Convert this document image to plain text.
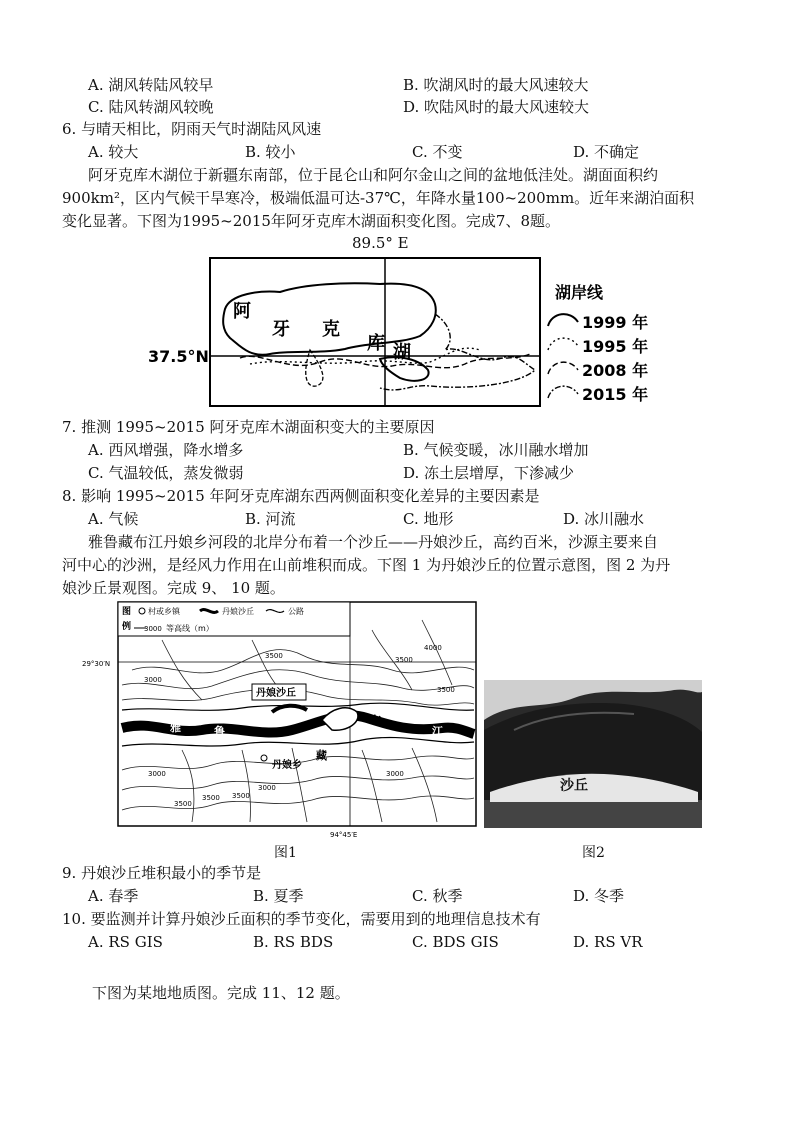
A. 湖风转陆风较早	B. 吹湖风时的最大风速较大
C. 陆风转湖风较晚	D. 吹陆风时的最大风速较大
6. 与晴天相比，阴雨天气时湖陆风风速
A. 较大	B. 较小	C. 不变	D. 不确定
阿牙克库木湖位于新疆东南部，位于昆仑山和阿尔金山之间的盆地低洼处。湖面面积约
900km²，区内气候干旱寒冷，极端低温可达-37℃，年降水量100~200mm。近年来湖泊面积
变化显著。下图为1995~2015年阿牙克库木湖面积变化图。完成7、8题。
89.5° E
阿
牙 克
库 湖
37.5°N
湖岸线
1999 年
1995 年
2008 年
2015 年
7. 推测 1995~2015 阿牙克库木湖面积变大的主要原因
A. 西风增强，降水增多	B. 气候变暖，冰川融水增加
C. 气温较低，蒸发微弱	D. 冻土层增厚，下渗减少
8. 影响 1995~2015 年阿牙克库湖东西两侧面积变化差异的主要因素是
A. 气候	B. 河流	C. 地形	D. 冰川融水
雅鲁藏布江丹娘乡河段的北岸分布着一个沙丘——丹娘沙丘，高约百米，沙源主要来自
河中心的沙洲，是经风力作用在山前堆积而成。下图 1 为丹娘沙丘的位置示意图，图 2 为丹
娘沙丘景观图。完成 9、 10 题。
图
例
村或乡镇	丹娘沙丘	公路
3000 等高线（m）
29°30′N
94°45′E
丹娘沙丘
雅	鲁
藏
布
江
丹娘乡
3000
3500	3500
4000
3500
3000
3500
3500 3500
3000
3000
图1
沙丘
图2
9. 丹娘沙丘堆积最小的季节是
A. 春季	B. 夏季	C. 秋季	D. 冬季
10. 要监测并计算丹娘沙丘面积的季节变化，需要用到的地理信息技术有
A. RS GIS	B. RS BDS	C. BDS GIS	D. RS VR
下图为某地地质图。完成 11、12 题。
